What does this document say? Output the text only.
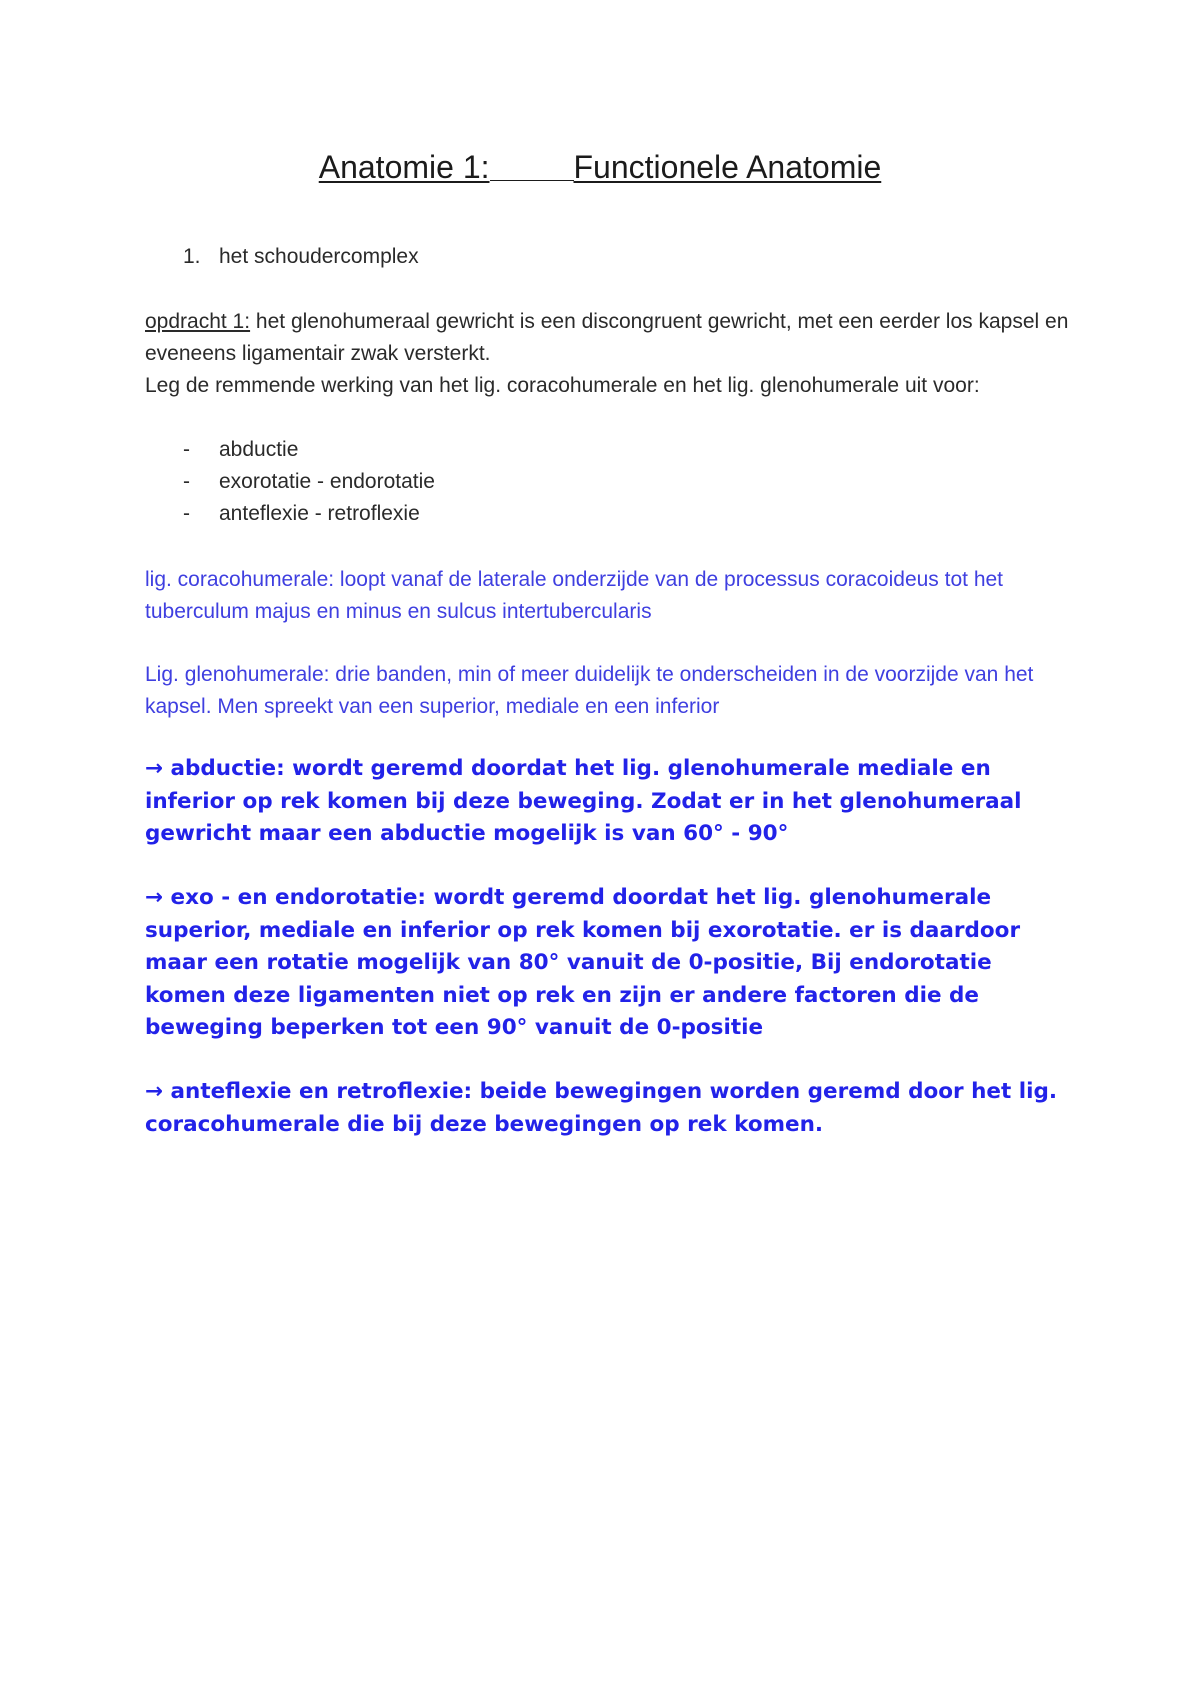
Anatomie 1:	Functionele Anatomie
1. het schoudercomplex
opdracht 1: het glenohumeraal gewricht is een discongruent gewricht, met een eerder los kapsel en eveneens ligamentair zwak versterkt.
Leg de remmende werking van het lig. coracohumerale en het lig. glenohumerale uit voor:
- abductie
- exorotatie - endorotatie
- anteflexie - retroflexie

lig. coracohumerale: loopt vanaf de laterale onderzijde van de processus coracoideus tot het tuberculum majus en minus en sulcus intertubercularis

Lig. glenohumerale: drie banden, min of meer duidelijk te onderscheiden in de voorzijde van het kapsel. Men spreekt van een superior, mediale en een inferior

→ abductie: wordt geremd doordat het lig. glenohumerale mediale en inferior op rek komen bij deze beweging. Zodat er in het glenohumeraal gewricht maar een abductie mogelijk is van 60° - 90°

→ exo - en endorotatie: wordt geremd doordat het lig. glenohumerale superior, mediale en inferior op rek komen bij exorotatie. er is daardoor maar een rotatie mogelijk van 80° vanuit de 0-positie, Bij endorotatie komen deze ligamenten niet op rek en zijn er andere factoren die de beweging beperken tot een 90° vanuit de 0-positie

→ anteflexie en retroflexie: beide bewegingen worden geremd door het lig. coracohumerale die bij deze bewegingen op rek komen.
